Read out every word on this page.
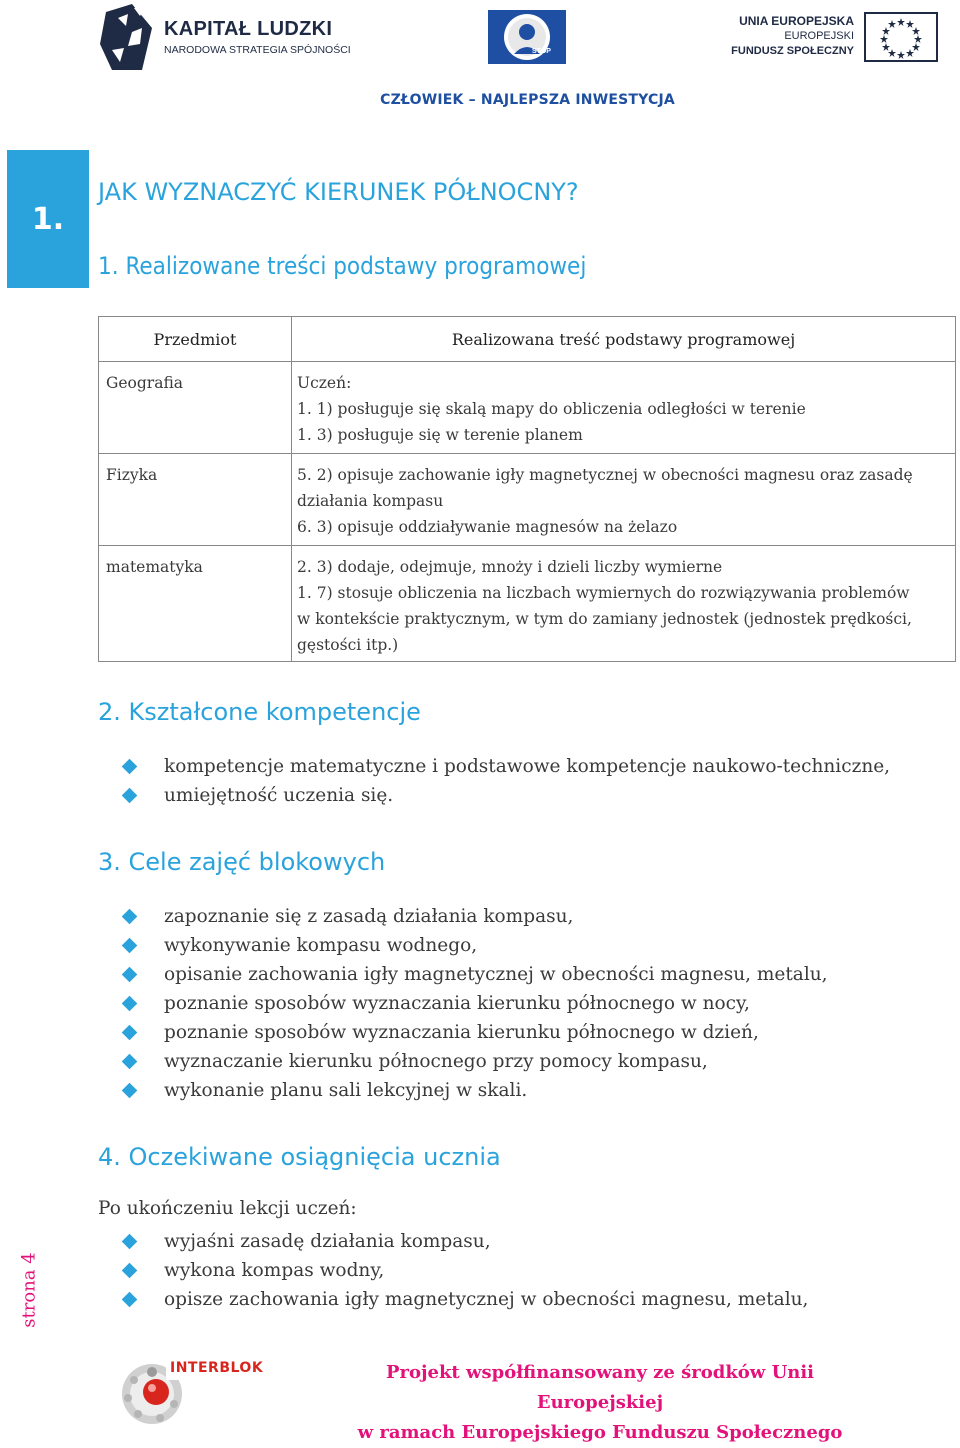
KAPITAŁ LUDZKI
NARODOWA STRATEGIA SPÓJNOŚCI	STOP
UNIA EUROPEJSKA
EUROPEJSKI
FUNDUSZ SPOŁECZNY
CZŁOWIEK – NAJLEPSZA INWESTYCJA
1.
JAK WYZNACZYĆ KIERUNEK PÓŁNOCNY?
1. Realizowane treści podstawy programowej
Przedmiot	Realizowana treść podstawy programowej

Geografia	Uczeń:
1. 1) posługuje się skalą mapy do obliczenia odległości w terenie
1. 3) posługuje się w terenie planem

Fizyka	5. 2) opisuje zachowanie igły magnetycznej w obecności magnesu oraz zasadę
działania kompasu
6. 3) opisuje oddziaływanie magnesów na żelazo

matematyka	2. 3) dodaje, odejmuje, mnoży i dzieli liczby wymierne
1. 7) stosuje obliczenia na liczbach wymiernych do rozwiązywania problemów
w kontekście praktycznym, w tym do zamiany jednostek (jednostek prędkości,
gęstości itp.)
2. Kształcone kompetencje
kompetencje matematyczne i podstawowe kompetencje naukowo-techniczne,
umiejętność uczenia się.
3. Cele zajęć blokowych
zapoznanie się z zasadą działania kompasu,
wykonywanie kompasu wodnego,
opisanie zachowania igły magnetycznej w obecności magnesu, metalu,
poznanie sposobów wyznaczania kierunku północnego w nocy,
poznanie sposobów wyznaczania kierunku północnego w dzień,
wyznaczanie kierunku północnego przy pomocy kompasu,
wykonanie planu sali lekcyjnej w skali.
4. Oczekiwane osiągnięcia ucznia
Po ukończeniu lekcji uczeń:
wyjaśni zasadę działania kompasu,
wykona kompas wodny,
opisze zachowania igły magnetycznej w obecności magnesu, metalu,
strona 4
INTERBLOK	Projekt współfinansowany ze środków Unii Europejskiej
w ramach Europejskiego Funduszu Społecznego
